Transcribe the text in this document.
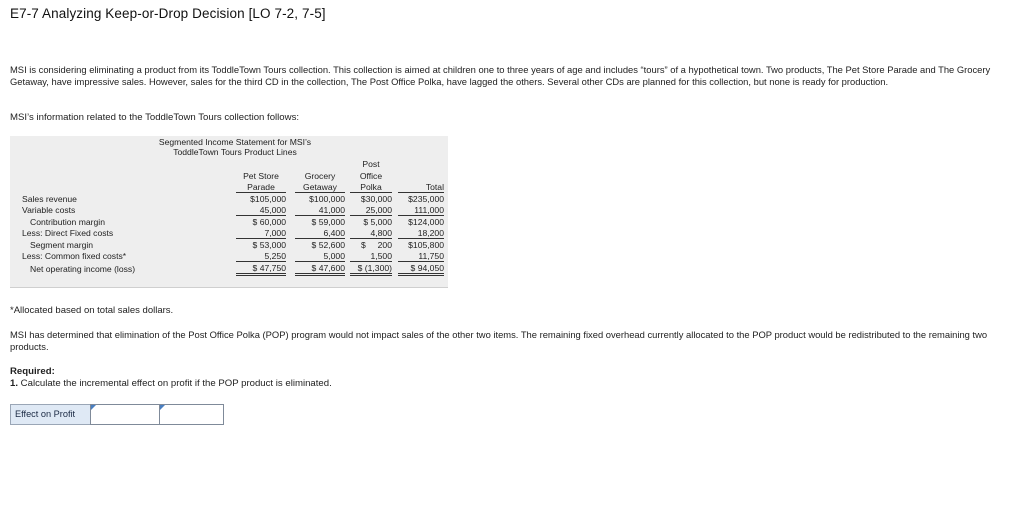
E7-7 Analyzing Keep-or-Drop Decision [LO 7-2, 7-5]

MSI is considering eliminating a product from its ToddleTown Tours collection. This collection is aimed at children one to three years of age and includes “tours” of a hypothetical town. Two products, The Pet Store Parade and The Grocery Getaway, have impressive sales. However, sales for the third CD in the collection, The Post Office Polka, have lagged the others. Several other CDs are planned for this collection, but none is ready for production.

MSI’s information related to the ToddleTown Tours collection follows:

Segmented Income Statement for MSI’s
ToddleTown Tours Product Lines
Pet Store
Parade
Grocery
Getaway
Post
Office
Polka	Total
Sales revenue	$105,000	$100,000	$30,000	$235,000
Variable costs	45,000	41,000	25,000	111,000
Contribution margin	$ 60,000	$ 59,000	$ 5,000	$124,000
Less: Direct Fixed costs	7,000	6,400	4,800	18,200
Segment margin	$ 53,000	$ 52,600	$     200	$105,800
Less: Common fixed costs*	5,250	5,000	1,500	11,750
Net operating income (loss)	$ 47,750	$ 47,600	$ (1,300)	$ 94,050

*Allocated based on total sales dollars.

MSI has determined that elimination of the Post Office Polka (POP) program would not impact sales of the other two items. The remaining fixed overhead currently allocated to the POP product would be redistributed to the remaining two products.

Required:

1. Calculate the incremental effect on profit if the POP product is eliminated.

Effect on Profit
